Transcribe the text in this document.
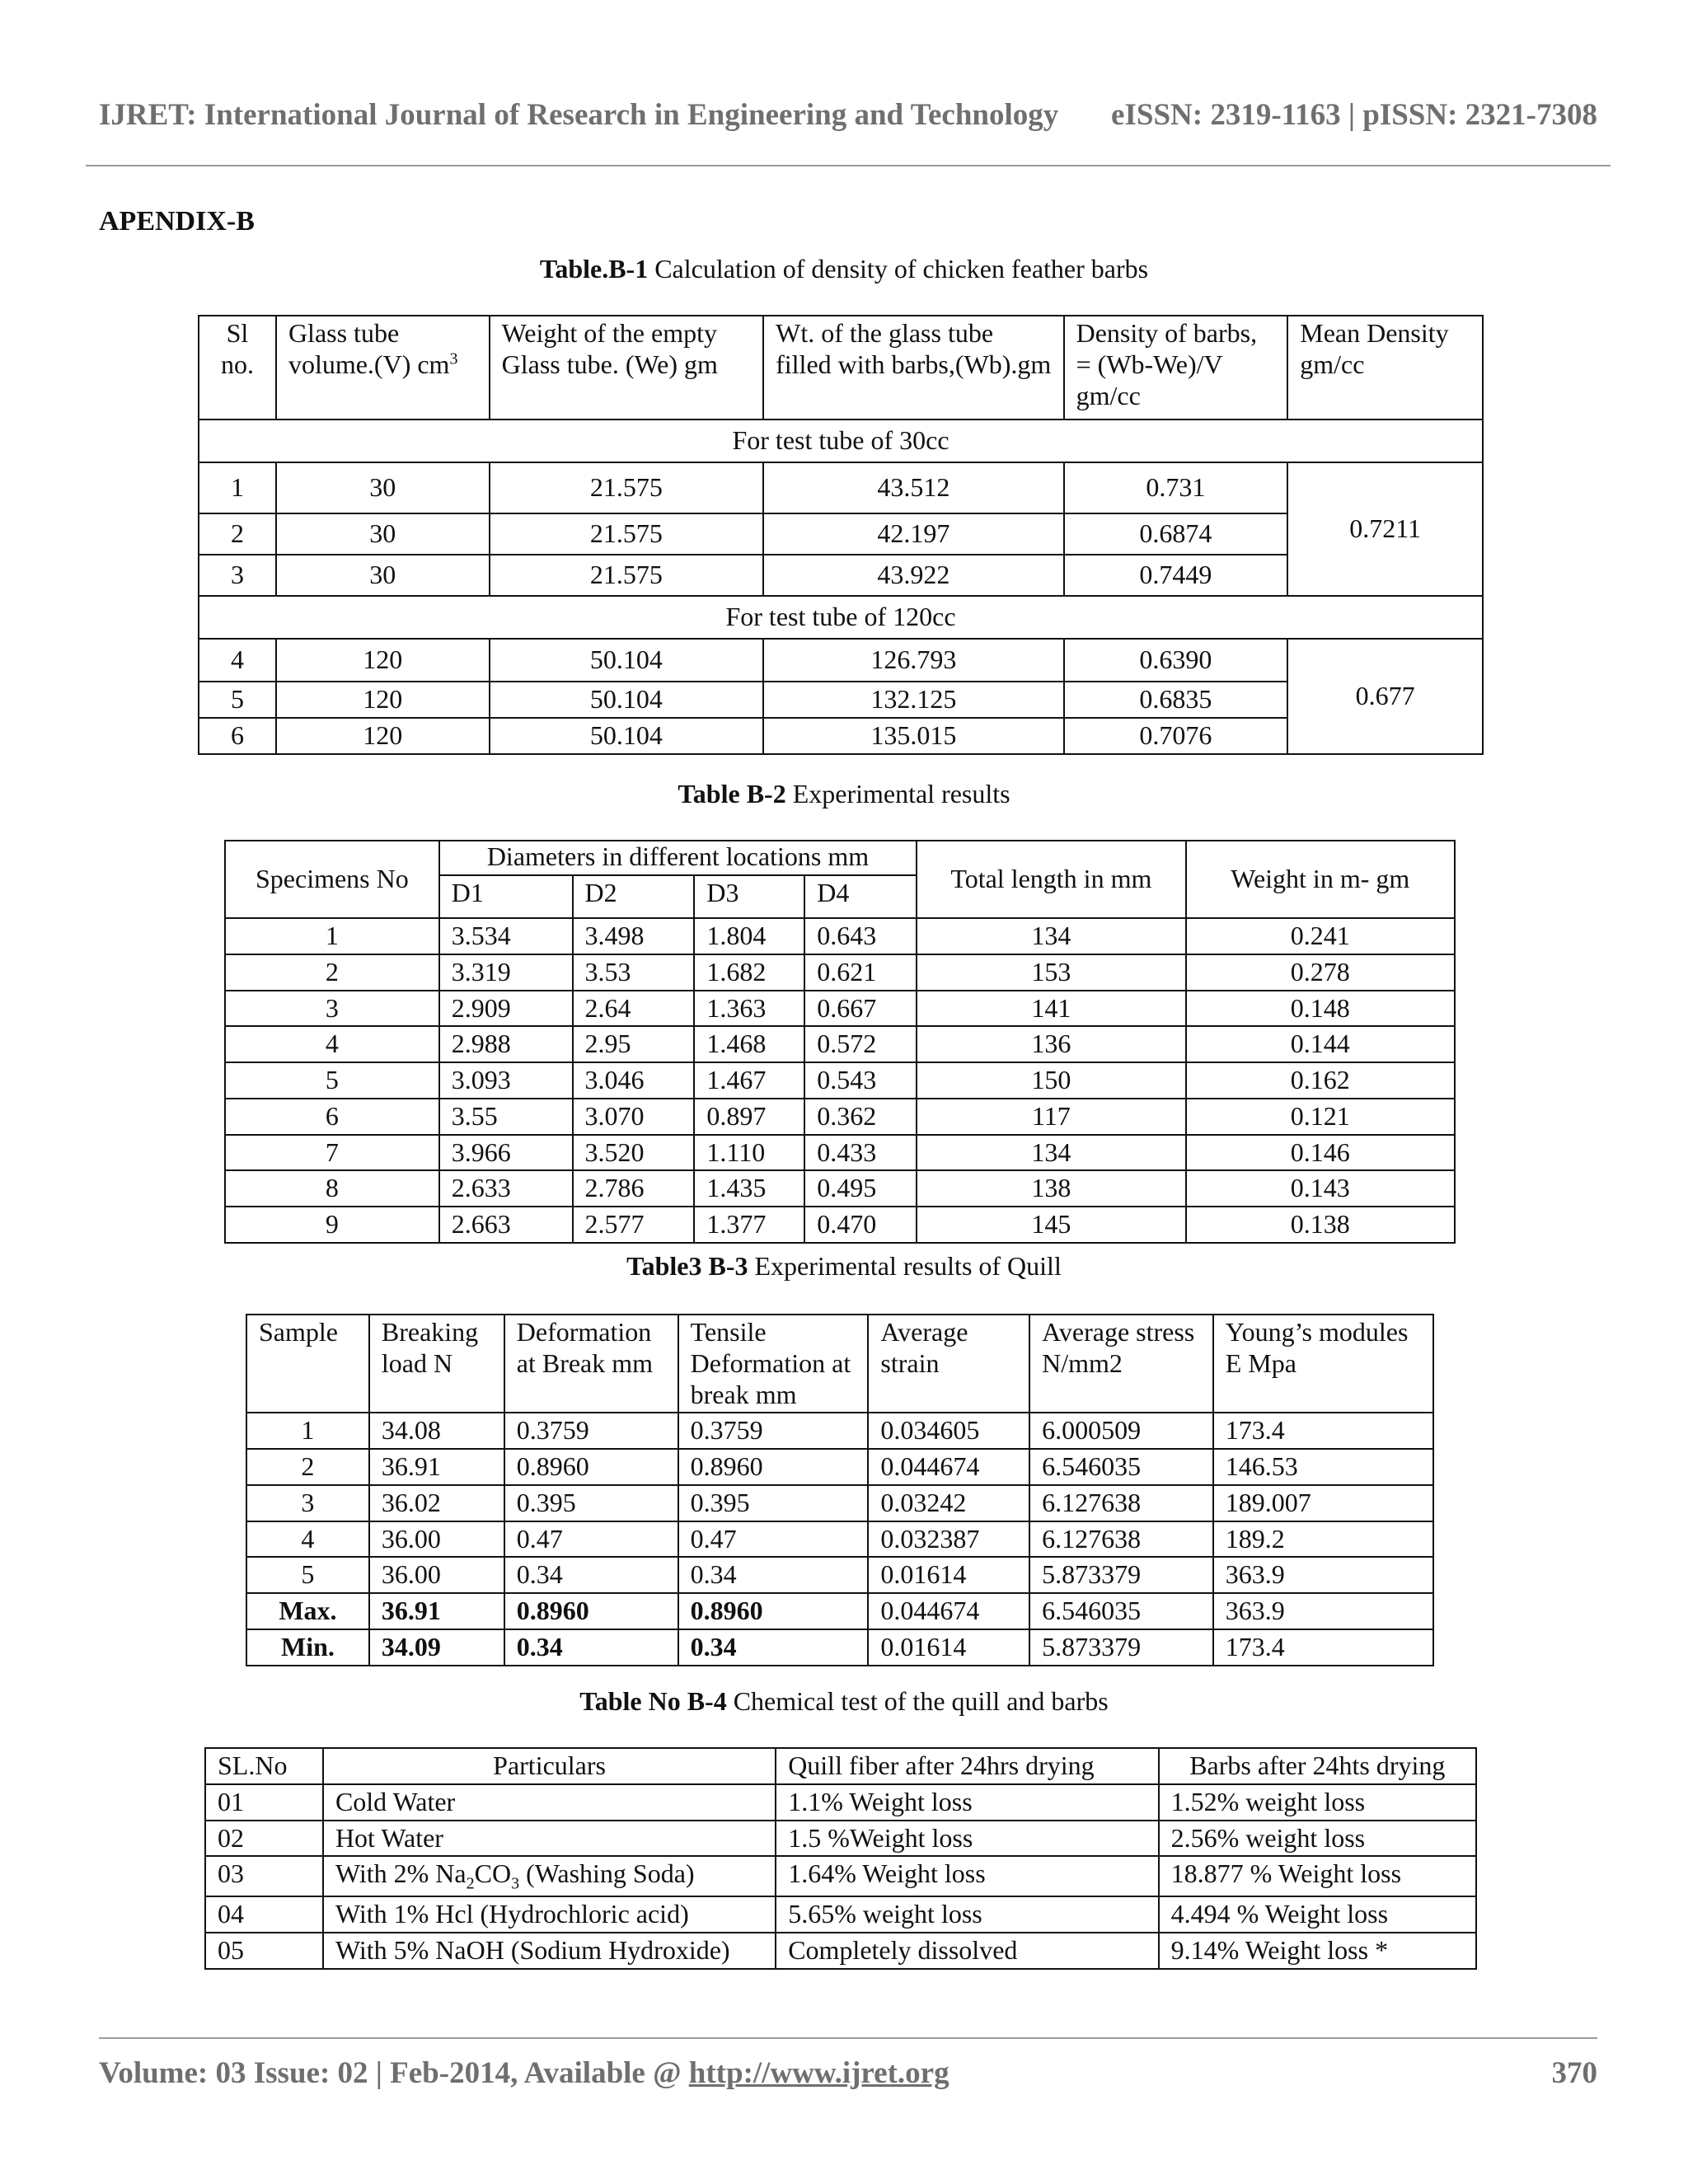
IJRET: International Journal of Research in Engineering and Technology eISSN: 2319-1163 | pISSN: 2321-7308
APENDIX-B
Table.B-1 Calculation of density of chicken feather barbs
Sl no.	Glass tube volume.(V) $cm^3$	Weight of the empty Glass tube. (We) gm	Wt. of the glass tube filled with barbs,(Wb).gm	Density of barbs, = (Wb-We)/V gm/cc	Mean Density gm/cc
For test tube of 30cc					
1	30	21.575	43.512	0.731	0.7211
2	30	21.575	42.197	0.6874	
3	30	21.575	43.922	0.7449	
For test tube of 120cc					
4	120	50.104	126.793	0.6390	0.677
5	120	50.104	132.125	0.6835	
6	120	50.104	135.015	0.7076	
Table B-2 Experimental results
Specimens No	Diameters in different locations mm				Total length in mm	Weight in m- gm
	D1	D2	D3	D4		
1	3.534	3.498	1.804	0.643	134	0.241
2	3.319	3.53	1.682	0.621	153	0.278
3	2.909	2.64	1.363	0.667	141	0.148
4	2.988	2.95	1.468	0.572	136	0.144
5	3.093	3.046	1.467	0.543	150	0.162
6	3.55	3.070	0.897	0.362	117	0.121
7	3.966	3.520	1.110	0.433	134	0.146
8	2.633	2.786	1.435	0.495	138	0.143
9	2.663	2.577	1.377	0.470	145	0.138
Table3 B-3 Experimental results of Quill
Sample	Breaking load N	Deformation at Break mm	Tensile Deformation at break mm	Average strain	Average stress N/mm2	Young’s modules E Mpa
1	34.08	0.3759	0.3759	0.034605	6.000509	173.4
2	36.91	0.8960	0.8960	0.044674	6.546035	146.53
3	36.02	0.395	0.395	0.03242	6.127638	189.007
4	36.00	0.47	0.47	0.032387	6.127638	189.2
5	36.00	0.34	0.34	0.01614	5.873379	363.9
Max.	36.91	0.8960	0.8960	0.044674	6.546035	363.9
Min.	34.09	0.34	0.34	0.01614	5.873379	173.4
Table No B-4 Chemical test of the quill and barbs
SL.No	Particulars	Quill fiber after 24hrs drying	Barbs after 24hts drying
01	Cold Water	1.1% Weight loss	1.52% weight loss
02	Hot Water	1.5 %Weight loss	2.56% weight loss
03	With 2% $Na_2CO_3$ (Washing Soda)	1.64% Weight loss	18.877 % Weight loss
04	With 1% Hcl (Hydrochloric acid)	5.65% weight loss	4.494 % Weight loss
05	With 5% NaOH (Sodium Hydroxide)	Completely dissolved	9.14% Weight loss *
Volume: 03 Issue: 02 | Feb-2014, Available @ http://www.ijret.org	370
